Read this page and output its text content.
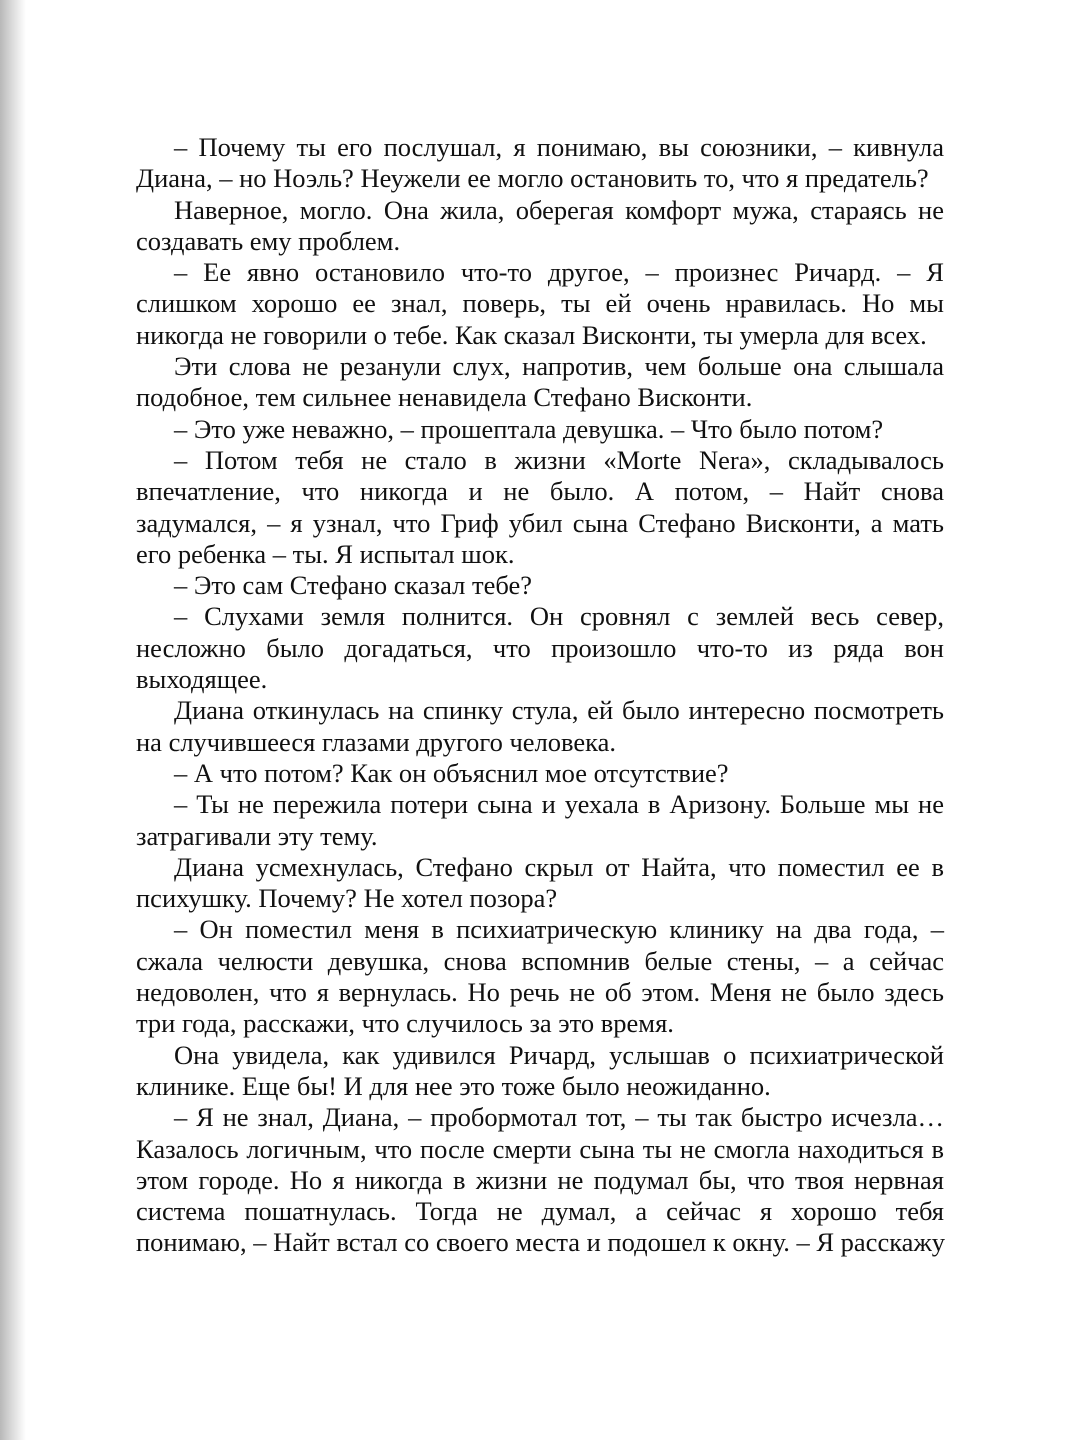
– Почему ты его послушал, я понимаю, вы союзники, – кивнула
Диана, – но Ноэль? Неужели ее могло остановить то, что я предатель?
Наверное, могло. Она жила, оберегая комфорт мужа, стараясь не
создавать ему проблем.
– Ее явно остановило что-то другое, – произнес Ричард. – Я
слишком хорошо ее знал, поверь, ты ей очень нравилась. Но мы
никогда не говорили о тебе. Как сказал Висконти, ты умерла для всех.
Эти слова не резанули слух, напротив, чем больше она слышала
подобное, тем сильнее ненавидела Стефано Висконти.
– Это уже неважно, – прошептала девушка. – Что было потом?
– Потом тебя не стало в жизни «Morte Nera», складывалось
впечатление, что никогда и не было. А потом, – Найт снова
задумался, – я узнал, что Гриф убил сына Стефано Висконти, а мать
его ребенка – ты. Я испытал шок.
– Это сам Стефано сказал тебе?
– Слухами земля полнится. Он сровнял с землей весь север,
несложно было догадаться, что произошло что-то из ряда вон
выходящее.
Диана откинулась на спинку стула, ей было интересно посмотреть
на случившееся глазами другого человека.
– А что потом? Как он объяснил мое отсутствие?
– Ты не пережила потери сына и уехала в Аризону. Больше мы не
затрагивали эту тему.
Диана усмехнулась, Стефано скрыл от Найта, что поместил ее в
психушку. Почему? Не хотел позора?
– Он поместил меня в психиатрическую клинику на два года, –
сжала челюсти девушка, снова вспомнив белые стены, – а сейчас
недоволен, что я вернулась. Но речь не об этом. Меня не было здесь
три года, расскажи, что случилось за это время.
Она увидела, как удивился Ричард, услышав о психиатрической
клинике. Еще бы! И для нее это тоже было неожиданно.
– Я не знал, Диана, – пробормотал тот, – ты так быстро исчезла…
Казалось логичным, что после смерти сына ты не смогла находиться в
этом городе. Но я никогда в жизни не подумал бы, что твоя нервная
система пошатнулась. Тогда не думал, а сейчас я хорошо тебя
понимаю, – Найт встал со своего места и подошел к окну. – Я расскажу
